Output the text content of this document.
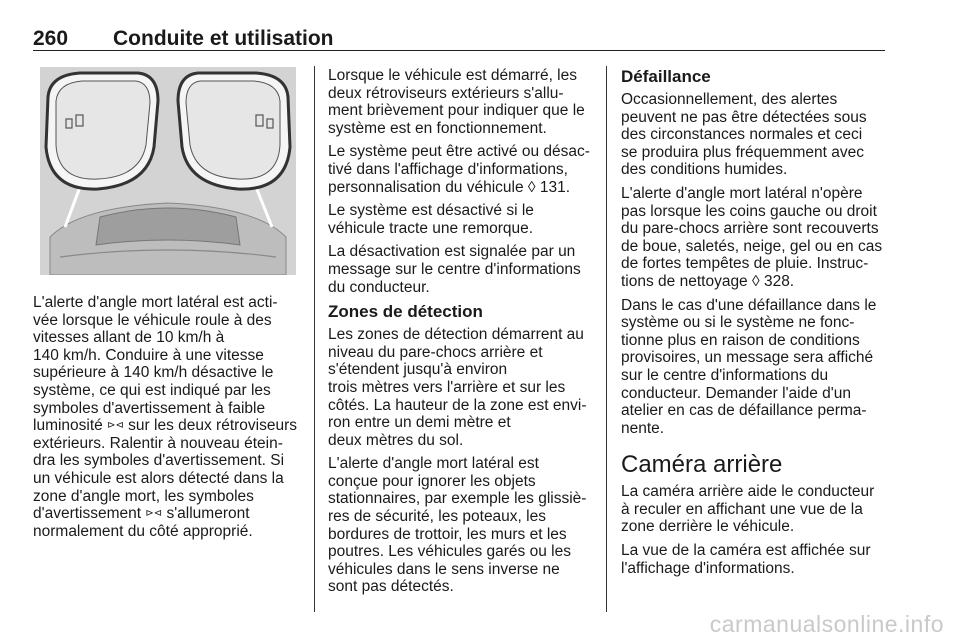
260 Conduite et utilisation

L'alerte d'angle mort latéral est acti-
vée lorsque le véhicule roule à des
vitesses allant de 10 km/h à
140 km/h. Conduire à une vitesse
supérieure à 140 km/h désactive le
système, ce qui est indiqué par les
symboles d'avertissement à faible
luminosité ⊳⊲ sur les deux rétroviseurs
extérieurs. Ralentir à nouveau étein-
dra les symboles d'avertissement. Si
un véhicule est alors détecté dans la
zone d'angle mort, les symboles
d'avertissement ⊳⊲ s'allumeront
normalement du côté approprié.

Lorsque le véhicule est démarré, les
deux rétroviseurs extérieurs s'allu-
ment brièvement pour indiquer que le
système est en fonctionnement.

Le système peut être activé ou désac-
tivé dans l'affichage d'informations,
personnalisation du véhicule ◊ 131.

Le système est désactivé si le
véhicule tracte une remorque.

La désactivation est signalée par un
message sur le centre d'informations
du conducteur.

Zones de détection

Les zones de détection démarrent au
niveau du pare-chocs arrière et
s'étendent jusqu'à environ
trois mètres vers l'arrière et sur les
côtés. La hauteur de la zone est envi-
ron entre un demi mètre et
deux mètres du sol.

L'alerte d'angle mort latéral est
conçue pour ignorer les objets
stationnaires, par exemple les glissiè-
res de sécurité, les poteaux, les
bordures de trottoir, les murs et les
poutres. Les véhicules garés ou les
véhicules dans le sens inverse ne
sont pas détectés.

Défaillance

Occasionnellement, des alertes
peuvent ne pas être détectées sous
des circonstances normales et ceci
se produira plus fréquemment avec
des conditions humides.

L'alerte d'angle mort latéral n'opère
pas lorsque les coins gauche ou droit
du pare-chocs arrière sont recouverts
de boue, saletés, neige, gel ou en cas
de fortes tempêtes de pluie. Instruc-
tions de nettoyage ◊ 328.

Dans le cas d'une défaillance dans le
système ou si le système ne fonc-
tionne plus en raison de conditions
provisoires, un message sera affiché
sur le centre d'informations du
conducteur. Demander l'aide d'un
atelier en cas de défaillance perma-
nente.

Caméra arrière

La caméra arrière aide le conducteur
à reculer en affichant une vue de la
zone derrière le véhicule.

La vue de la caméra est affichée sur
l'affichage d'informations.

carmanualsonline.info
